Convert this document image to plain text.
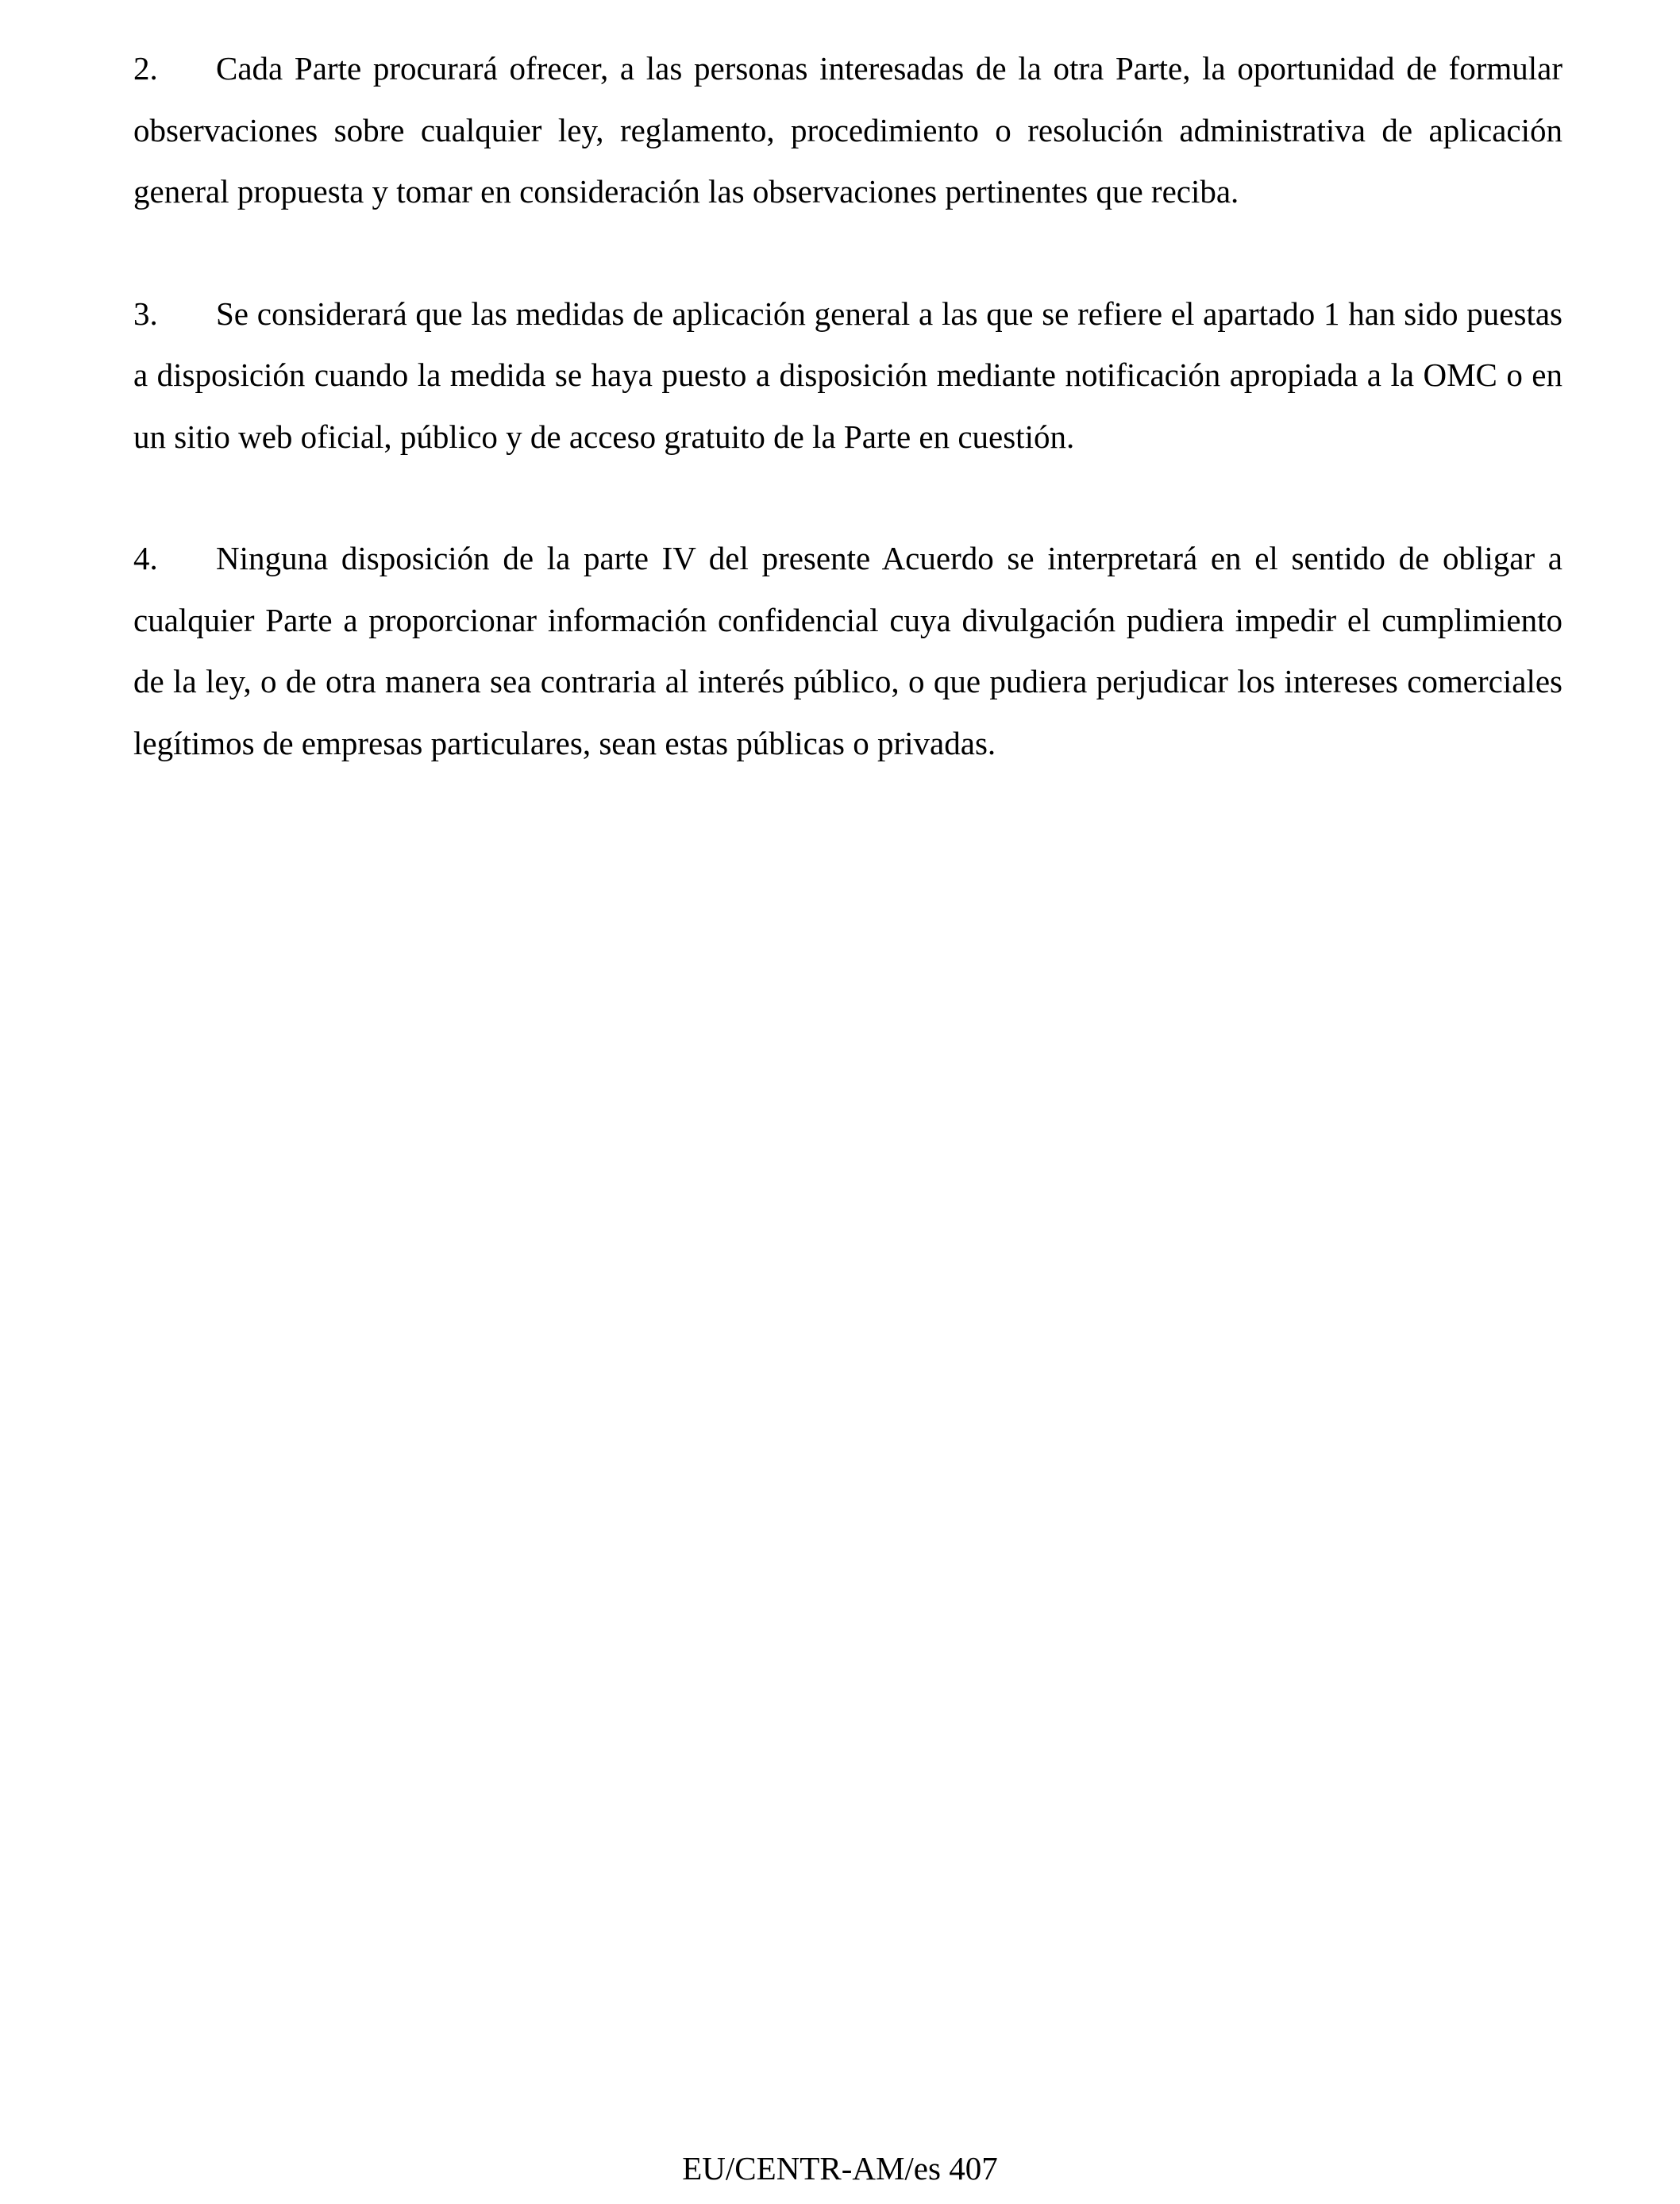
2. Cada Parte procurará ofrecer, a las personas interesadas de la otra Parte, la oportunidad de formular observaciones sobre cualquier ley, reglamento, procedimiento o resolución administrativa de aplicación general propuesta y tomar en consideración las observaciones pertinentes que reciba.

3. Se considerará que las medidas de aplicación general a las que se refiere el apartado 1 han sido puestas a disposición cuando la medida se haya puesto a disposición mediante notificación apropiada a la OMC o en un sitio web oficial, público y de acceso gratuito de la Parte en cuestión.

4. Ninguna disposición de la parte IV del presente Acuerdo se interpretará en el sentido de obligar a cualquier Parte a proporcionar información confidencial cuya divulgación pudiera impedir el cumplimiento de la ley, o de otra manera sea contraria al interés público, o que pudiera perjudicar los intereses comerciales legítimos de empresas particulares, sean estas públicas o privadas.

EU/CENTR-AM/es 407
